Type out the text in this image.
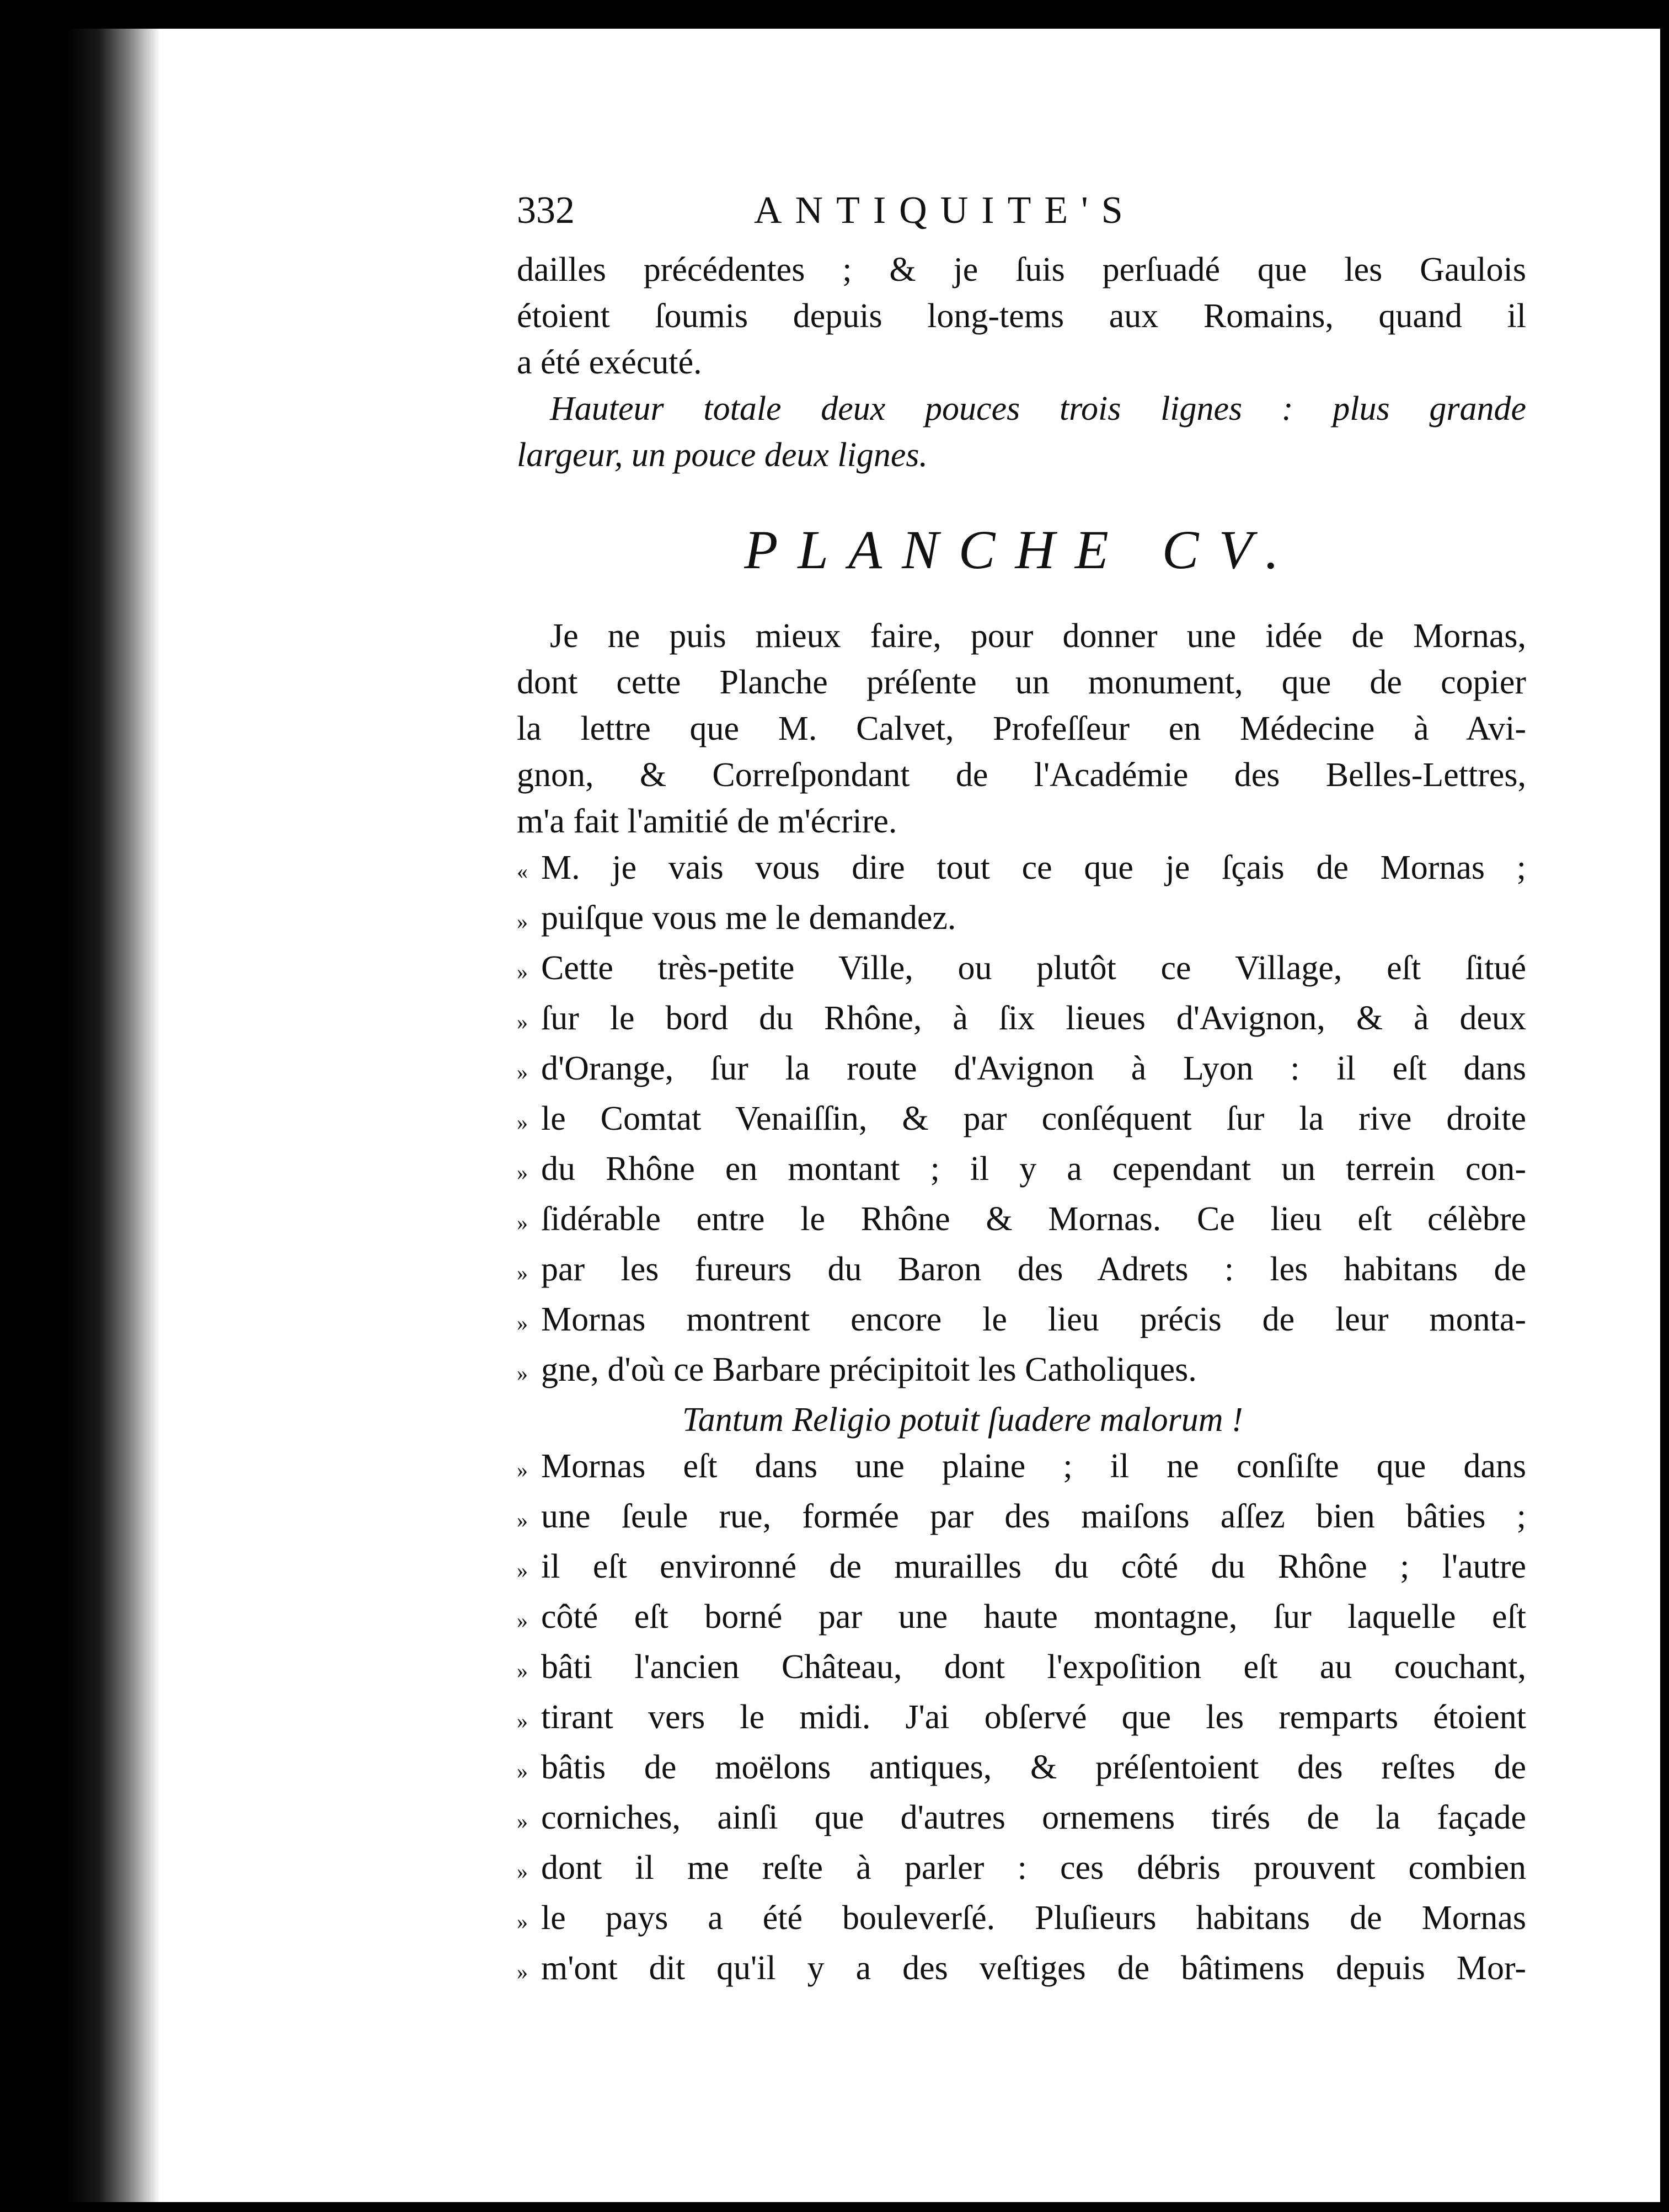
332	ANTIQUITE'S
dailles précédentes ; & je ſuis perſuadé que les Gaulois
étoient ſoumis depuis long-tems aux Romains, quand il
a été exécuté.
Hauteur totale deux pouces trois lignes : plus grande
largeur, un pouce deux lignes.
PLANCHE CV.
Je ne puis mieux faire, pour donner une idée de Mornas,
dont cette Planche préſente un monument, que de copier
la lettre que M. Calvet, Profeſſeur en Médecine à Avi-
gnon, & Correſpondant de l'Académie des Belles-Lettres,
m'a fait l'amitié de m'écrire.
« M. je vais vous dire tout ce que je ſçais de Mornas ;
» puiſque vous me le demandez.
» Cette très-petite Ville, ou plutôt ce Village, eſt ſitué
» ſur le bord du Rhône, à ſix lieues d'Avignon, & à deux
» d'Orange, ſur la route d'Avignon à Lyon : il eſt dans
» le Comtat Venaiſſin, & par conſéquent ſur la rive droite
» du Rhône en montant ; il y a cependant un terrein con-
» ſidérable entre le Rhône & Mornas. Ce lieu eſt célèbre
» par les fureurs du Baron des Adrets : les habitans de
» Mornas montrent encore le lieu précis de leur monta-
» gne, d'où ce Barbare précipitoit les Catholiques.
Tantum Religio potuit ſuadere malorum !
» Mornas eſt dans une plaine ; il ne conſiſte que dans
» une ſeule rue, formée par des maiſons aſſez bien bâties ;
» il eſt environné de murailles du côté du Rhône ; l'autre
» côté eſt borné par une haute montagne, ſur laquelle eſt
» bâti l'ancien Château, dont l'expoſition eſt au couchant,
» tirant vers le midi. J'ai obſervé que les remparts étoient
» bâtis de moëlons antiques, & préſentoient des reſtes de
» corniches, ainſi que d'autres ornemens tirés de la façade
» dont il me reſte à parler : ces débris prouvent combien
» le pays a été bouleverſé. Pluſieurs habitans de Mornas
» m'ont dit qu'il y a des veſtiges de bâtimens depuis Mor-
